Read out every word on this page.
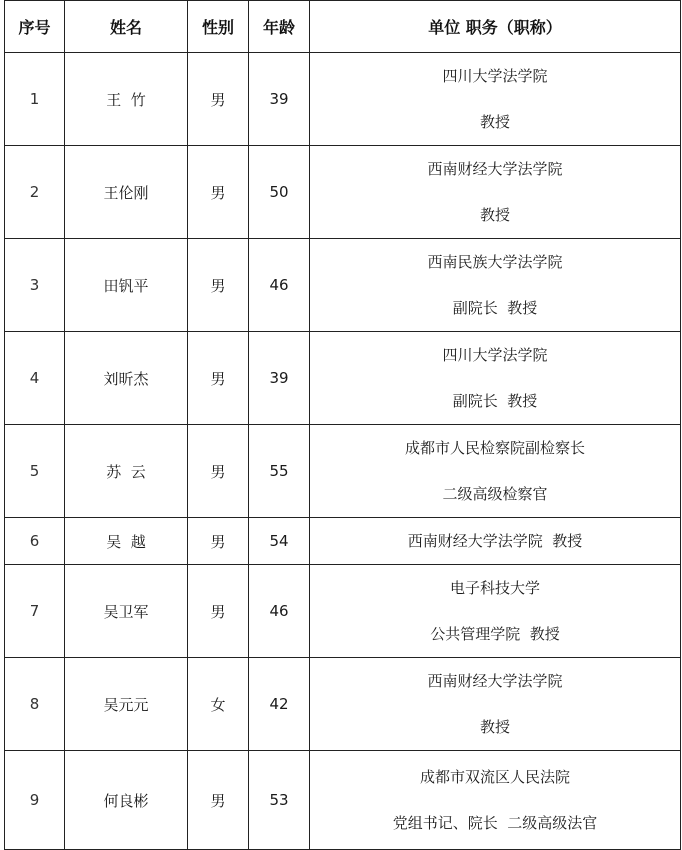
序号	姓名	性别	年龄	单位 职务（职称）
1	王  竹	男	39	四川大学法学院
教授

2	王伦刚	男	50	西南财经大学法学院
教授

3	田钒平	男	46	西南民族大学法学院
副院长  教授

4	刘昕杰	男	39	四川大学法学院
副院长  教授

5	苏  云	男	55	成都市人民检察院副检察长
二级高级检察官

6	吴  越	男	54	西南财经大学法学院  教授

7	吴卫军	男	46	电子科技大学
公共管理学院  教授

8	吴元元	女	42	西南财经大学法学院
教授

9	何良彬	男	53	成都市双流区人民法院
党组书记、院长  二级高级法官
